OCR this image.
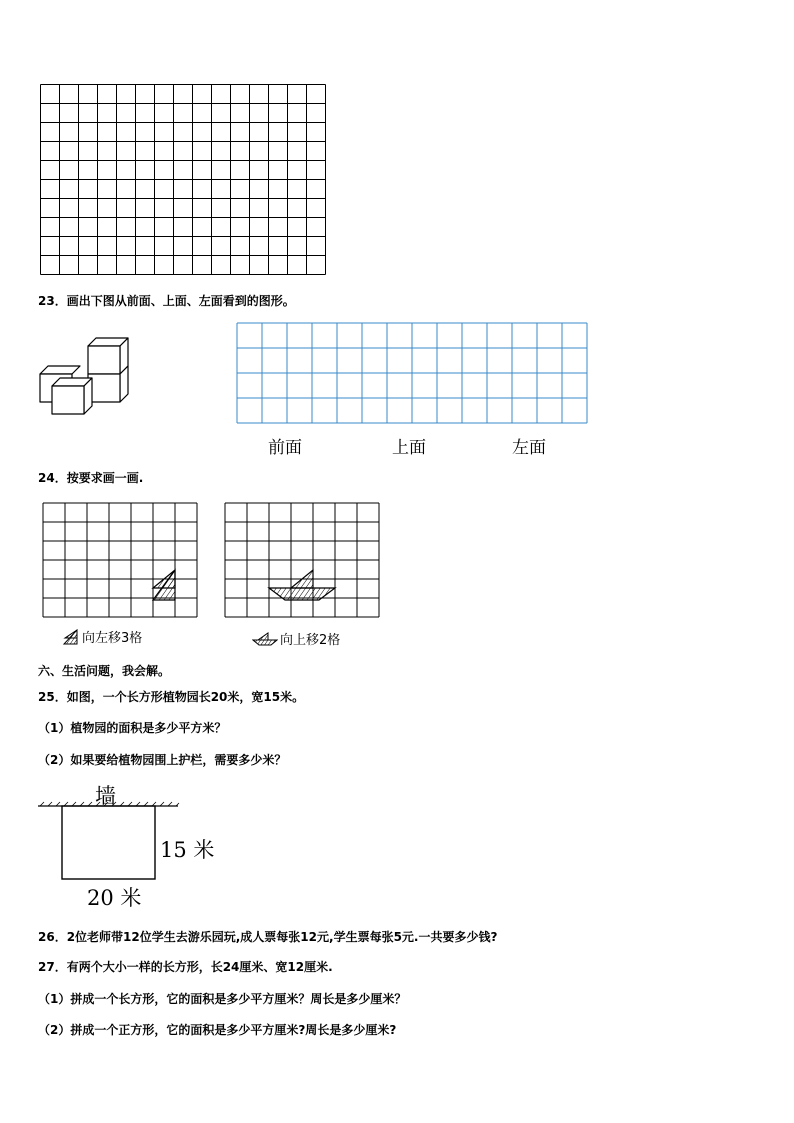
23．画出下图从前面、上面、左面看到的图形。
前面	上面	左面
24．按要求画一画.
向左移3格	向上移2格
六、生活问题，我会解。
25．如图，一个长方形植物园长20米，宽15米。
（1）植物园的面积是多少平方米？
（2）如果要给植物园围上护栏，需要多少米？
墙
15 米
20 米
26．2位老师带12位学生去游乐园玩,成人票每张12元,学生票每张5元.一共要多少钱?
27．有两个大小一样的长方形，长24厘米、宽12厘米.
（1）拼成一个长方形，它的面积是多少平方厘米？周长是多少厘米？
（2）拼成一个正方形，它的面积是多少平方厘米?周长是多少厘米?
